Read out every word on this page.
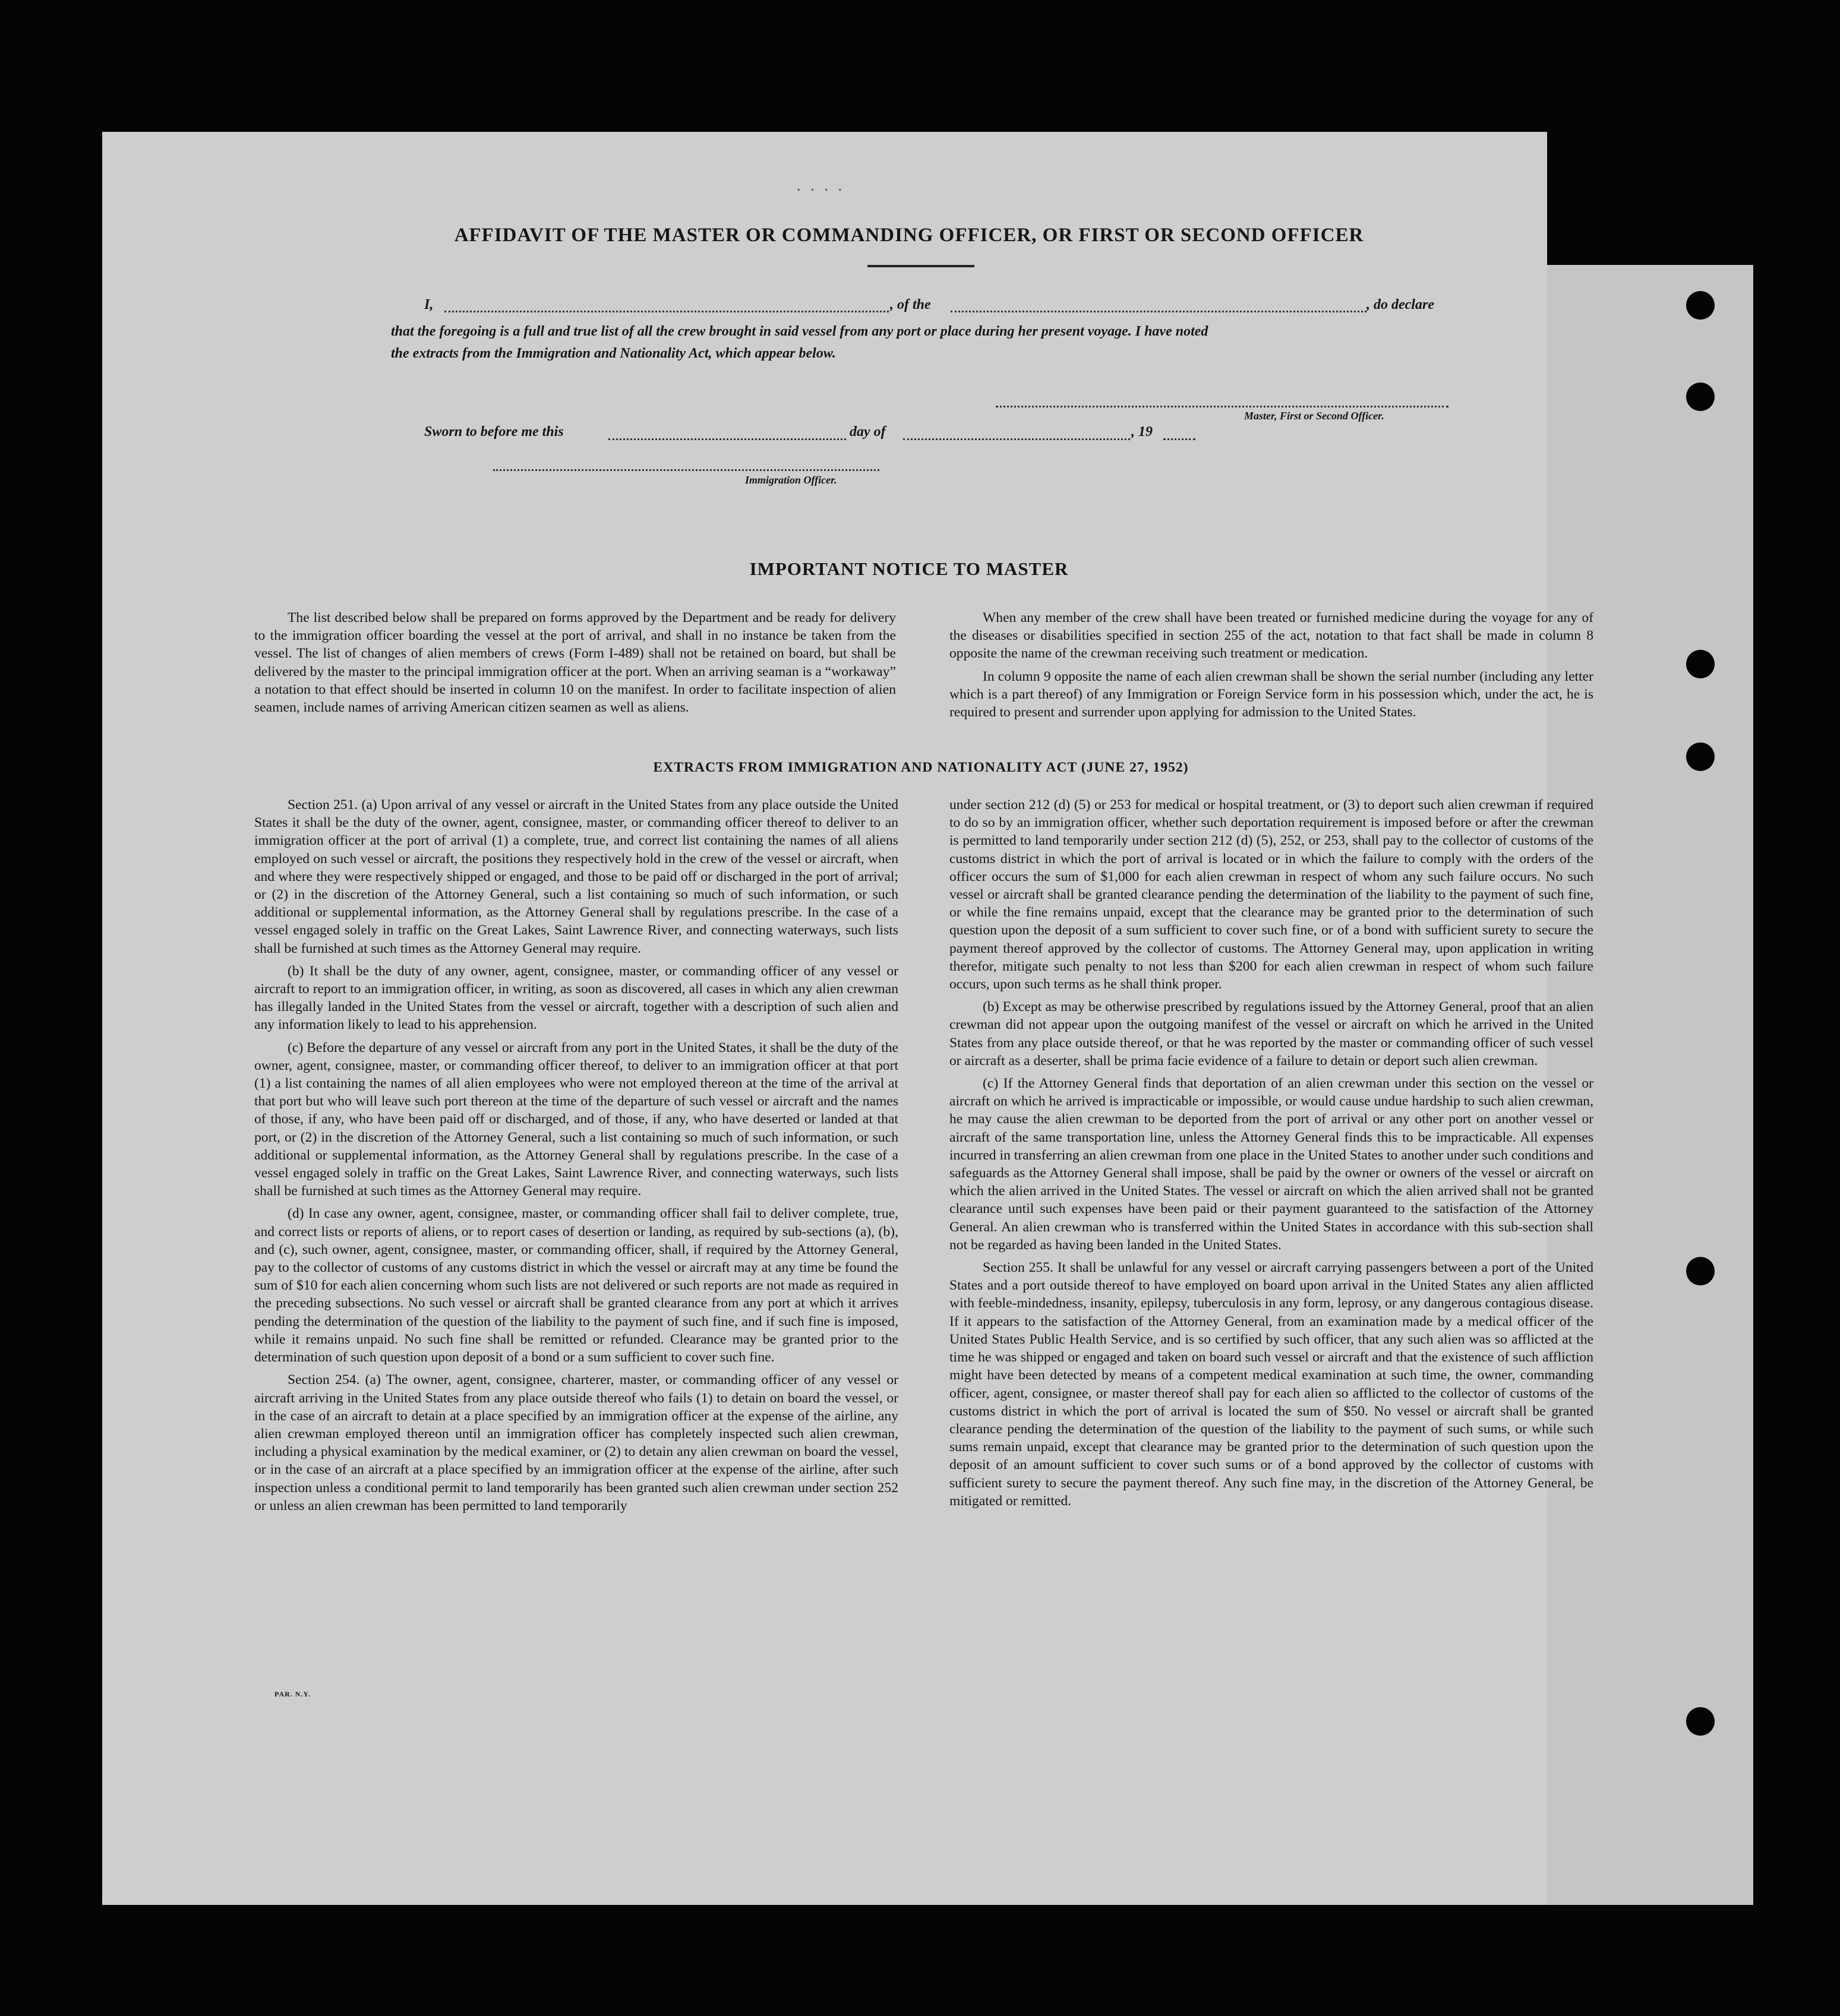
· · · ·
AFFIDAVIT OF THE MASTER OR COMMANDING OFFICER, OR FIRST OR SECOND OFFICER
I,	, of the	, do declare
that the foregoing is a full and true list of all the crew brought in said vessel from any port or place during her present voyage. I have noted
the extracts from the Immigration and Nationality Act, which appear below.
Master, First or Second Officer.
Sworn to before me this	day of	, 19
Immigration Officer.
IMPORTANT NOTICE TO MASTER

The list described below shall be prepared on forms approved by the Department and be ready for delivery to the immigration officer boarding the vessel at the port of arrival, and shall in no instance be taken from the vessel. The list of changes of alien members of crews (Form I-489) shall not be retained on board, but shall be delivered by the master to the principal immigration officer at the port. When an arriving seaman is a “workaway” a notation to that effect should be inserted in column 10 on the manifest. In order to facilitate inspection of alien seamen, include names of arriving American citizen seamen as well as aliens.

When any member of the crew shall have been treated or furnished medicine during the voyage for any of the diseases or disabilities specified in section 255 of the act, notation to that fact shall be made in column 8 opposite the name of the crewman receiving such treatment or medication.

In column 9 opposite the name of each alien crewman shall be shown the serial number (including any letter which is a part thereof) of any Immigration or Foreign Service form in his possession which, under the act, he is required to present and surrender upon applying for admission to the United States.

EXTRACTS FROM IMMIGRATION AND NATIONALITY ACT (JUNE 27, 1952)

Section 251. (a) Upon arrival of any vessel or aircraft in the United States from any place outside the United States it shall be the duty of the owner, agent, consignee, master, or commanding officer thereof to deliver to an immigration officer at the port of arrival (1) a complete, true, and correct list containing the names of all aliens employed on such vessel or aircraft, the positions they respectively hold in the crew of the vessel or aircraft, when and where they were respectively shipped or engaged, and those to be paid off or discharged in the port of arrival; or (2) in the discretion of the Attorney General, such a list containing so much of such information, or such additional or supplemental information, as the Attorney General shall by regulations prescribe. In the case of a vessel engaged solely in traffic on the Great Lakes, Saint Lawrence River, and connecting waterways, such lists shall be furnished at such times as the Attorney General may require.

(b) It shall be the duty of any owner, agent, consignee, master, or commanding officer of any vessel or aircraft to report to an immigration officer, in writing, as soon as discovered, all cases in which any alien crewman has illegally landed in the United States from the vessel or aircraft, together with a description of such alien and any information likely to lead to his apprehension.

(c) Before the departure of any vessel or aircraft from any port in the United States, it shall be the duty of the owner, agent, consignee, master, or commanding officer thereof, to deliver to an immigration officer at that port (1) a list containing the names of all alien employees who were not employed thereon at the time of the arrival at that port but who will leave such port thereon at the time of the departure of such vessel or aircraft and the names of those, if any, who have been paid off or discharged, and of those, if any, who have deserted or landed at that port, or (2) in the discretion of the Attorney General, such a list containing so much of such information, or such additional or supplemental information, as the Attorney General shall by regulations prescribe. In the case of a vessel engaged solely in traffic on the Great Lakes, Saint Lawrence River, and connecting waterways, such lists shall be furnished at such times as the Attorney General may require.

(d) In case any owner, agent, consignee, master, or commanding officer shall fail to deliver complete, true, and correct lists or reports of aliens, or to report cases of desertion or landing, as required by sub-sections (a), (b), and (c), such owner, agent, consignee, master, or commanding officer, shall, if required by the Attorney General, pay to the collector of customs of any customs district in which the vessel or aircraft may at any time be found the sum of $10 for each alien concerning whom such lists are not delivered or such reports are not made as required in the preceding subsections. No such vessel or aircraft shall be granted clearance from any port at which it arrives pending the determination of the question of the liability to the payment of such fine, and if such fine is imposed, while it remains unpaid. No such fine shall be remitted or refunded. Clearance may be granted prior to the determination of such question upon deposit of a bond or a sum sufficient to cover such fine.

Section 254. (a) The owner, agent, consignee, charterer, master, or commanding officer of any vessel or aircraft arriving in the United States from any place outside thereof who fails (1) to detain on board the vessel, or in the case of an aircraft to detain at a place specified by an immigration officer at the expense of the airline, any alien crewman employed thereon until an immigration officer has completely inspected such alien crewman, including a physical examination by the medical examiner, or (2) to detain any alien crewman on board the vessel, or in the case of an aircraft at a place specified by an immigration officer at the expense of the airline, after such inspection unless a conditional permit to land temporarily has been granted such alien crewman under section 252 or unless an alien crewman has been permitted to land temporarily

under section 212 (d) (5) or 253 for medical or hospital treatment, or (3) to deport such alien crewman if required to do so by an immigration officer, whether such deportation requirement is imposed before or after the crewman is permitted to land temporarily under section 212 (d) (5), 252, or 253, shall pay to the collector of customs of the customs district in which the port of arrival is located or in which the failure to comply with the orders of the officer occurs the sum of $1,000 for each alien crewman in respect of whom any such failure occurs. No such vessel or aircraft shall be granted clearance pending the determination of the liability to the payment of such fine, or while the fine remains unpaid, except that the clearance may be granted prior to the determination of such question upon the deposit of a sum sufficient to cover such fine, or of a bond with sufficient surety to secure the payment thereof approved by the collector of customs. The Attorney General may, upon application in writing therefor, mitigate such penalty to not less than $200 for each alien crewman in respect of whom such failure occurs, upon such terms as he shall think proper.

(b) Except as may be otherwise prescribed by regulations issued by the Attorney General, proof that an alien crewman did not appear upon the outgoing manifest of the vessel or aircraft on which he arrived in the United States from any place outside thereof, or that he was reported by the master or commanding officer of such vessel or aircraft as a deserter, shall be prima facie evidence of a failure to detain or deport such alien crewman.

(c) If the Attorney General finds that deportation of an alien crewman under this section on the vessel or aircraft on which he arrived is impracticable or impossible, or would cause undue hardship to such alien crewman, he may cause the alien crewman to be deported from the port of arrival or any other port on another vessel or aircraft of the same transportation line, unless the Attorney General finds this to be impracticable. All expenses incurred in transferring an alien crewman from one place in the United States to another under such conditions and safeguards as the Attorney General shall impose, shall be paid by the owner or owners of the vessel or aircraft on which the alien arrived in the United States. The vessel or aircraft on which the alien arrived shall not be granted clearance until such expenses have been paid or their payment guaranteed to the satisfaction of the Attorney General. An alien crewman who is transferred within the United States in accordance with this sub-section shall not be regarded as having been landed in the United States.

Section 255. It shall be unlawful for any vessel or aircraft carrying passengers between a port of the United States and a port outside thereof to have employed on board upon arrival in the United States any alien afflicted with feeble-mindedness, insanity, epilepsy, tuberculosis in any form, leprosy, or any dangerous contagious disease. If it appears to the satisfaction of the Attorney General, from an examination made by a medical officer of the United States Public Health Service, and is so certified by such officer, that any such alien was so afflicted at the time he was shipped or engaged and taken on board such vessel or aircraft and that the existence of such affliction might have been detected by means of a competent medical examination at such time, the owner, commanding officer, agent, consignee, or master thereof shall pay for each alien so afflicted to the collector of customs of the customs district in which the port of arrival is located the sum of $50. No vessel or aircraft shall be granted clearance pending the determination of the question of the liability to the payment of such sums, or while such sums remain unpaid, except that clearance may be granted prior to the determination of such question upon the deposit of an amount sufficient to cover such sums or of a bond approved by the collector of customs with sufficient surety to secure the payment thereof. Any such fine may, in the discretion of the Attorney General, be mitigated or remitted.

PAR. N.Y.
